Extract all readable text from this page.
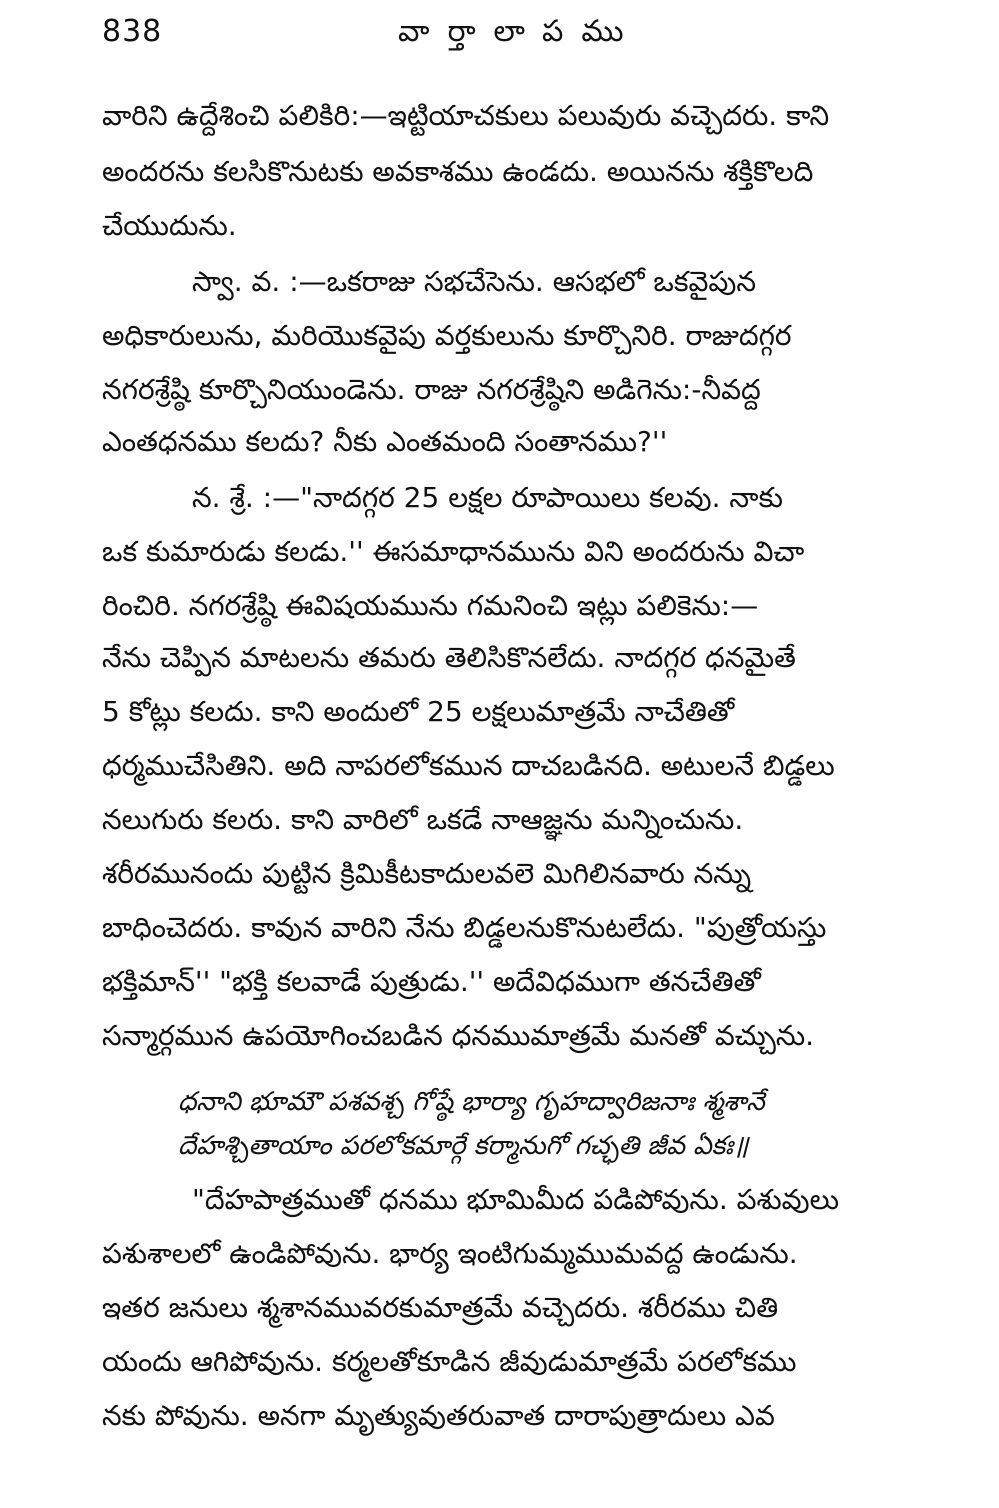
838	వార్తాలాపము
వారిని ఉద్దేశించి పలికిరి:—ఇట్టియాచకులు పలువురు వచ్చెదరు. కాని
అందరను కలసికొనుటకు అవకాశము ఉండదు. అయినను శక్తికొలది
చేయుదును.
స్వా. వ. :—ఒకరాజు సభచేసెను. ఆసభలో ఒకవైపున
అధికారులును, మరియొకవైపు వర్తకులును కూర్చొనిరి. రాజుదగ్గర
నగరశ్రేష్ఠి కూర్చొనియుండెను. రాజు నగరశ్రేష్ఠిని అడిగెను:-నీవద్ద
ఎంతధనము కలదు? నీకు ఎంతమంది సంతానము?''
న. శ్రే. :—"నాదగ్గర 25 లక్షల రూపాయిలు కలవు. నాకు
ఒక కుమారుడు కలడు.'' ఈసమాధానమును విని అందరును విచా
రించిరి. నగరశ్రేష్ఠి ఈవిషయమును గమనించి ఇట్లు పలికెను:—
నేను చెప్పిన మాటలను తమరు తెలిసికొనలేదు. నాదగ్గర ధనమైతే
5 కోట్లు కలదు. కాని అందులో 25 లక్షలుమాత్రమే నాచేతితో
ధర్మముచేసితిని. అది నాపరలోకమున దాచబడినది. అటులనే బిడ్డలు
నలుగురు కలరు. కాని వారిలో ఒకడే నాఆజ్ఞను మన్నించును.
శరీరమునందు పుట్టిన క్రిమికీటకాదులవలె మిగిలినవారు నన్ను
బాధించెదరు. కావున వారిని నేను బిడ్డలనుకొనుటలేదు. "పుత్రోయస్తు
భక్తిమాన్'' "భక్తి కలవాడే పుత్రుడు.'' అదేవిధముగా తనచేతితో
సన్మార్గమున ఉపయోగించబడిన ధనముమాత్రమే మనతో వచ్చును.
ధనాని భూమౌ పశవశ్చ గోష్ఠే భార్యా గృహద్వారిజనాః శ్మశానే
దేహశ్చితాయాం పరలోకమార్గే కర్మానుగో గచ్ఛతి జీవ ఏకః॥
"దేహపాత్రముతో ధనము భూమిమీద పడిపోవును. పశువులు
పశుశాలలో ఉండిపోవును. భార్య ఇంటిగుమ్మముమవద్ద ఉండును.
ఇతర జనులు శ్మశానమువరకుమాత్రమే వచ్చెదరు. శరీరము చితి
యందు ఆగిపోవును. కర్మలతోకూడిన జీవుడుమాత్రమే పరలోకము
నకు పోవును. అనగా మృత్యువుతరువాత దారాపుత్రాదులు ఎవ
